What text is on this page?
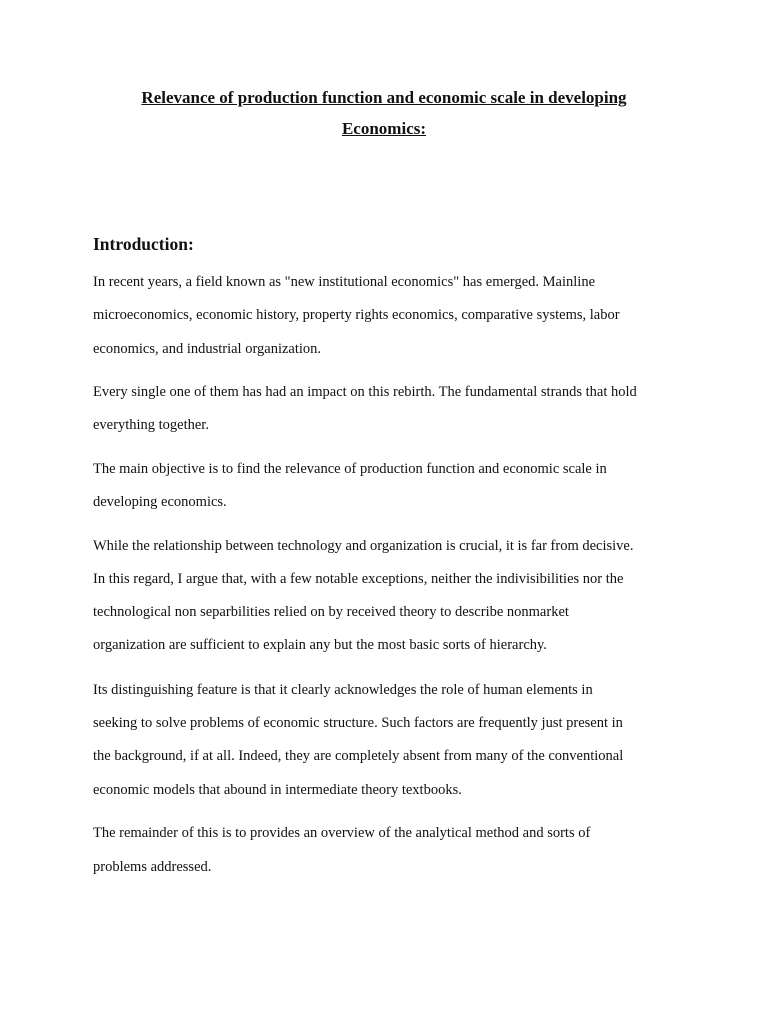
Relevance of production function and economic scale in developing
Economics:
Introduction:

In recent years, a field known as "new institutional economics" has emerged. Mainline

microeconomics, economic history, property rights economics, comparative systems, labor

economics, and industrial organization.

Every single one of them has had an impact on this rebirth. The fundamental strands that hold

everything together.

The main objective is to find the relevance of production function and economic scale in

developing economics.

While the relationship between technology and organization is crucial, it is far from decisive.

In this regard, I argue that, with a few notable exceptions, neither the indivisibilities nor the

technological non separbilities relied on by received theory to describe nonmarket

organization are sufficient to explain any but the most basic sorts of hierarchy.

Its distinguishing feature is that it clearly acknowledges the role of human elements in

seeking to solve problems of economic structure. Such factors are frequently just present in

the background, if at all. Indeed, they are completely absent from many of the conventional

economic models that abound in intermediate theory textbooks.

The remainder of this is to provides an overview of the analytical method and sorts of

problems addressed.
